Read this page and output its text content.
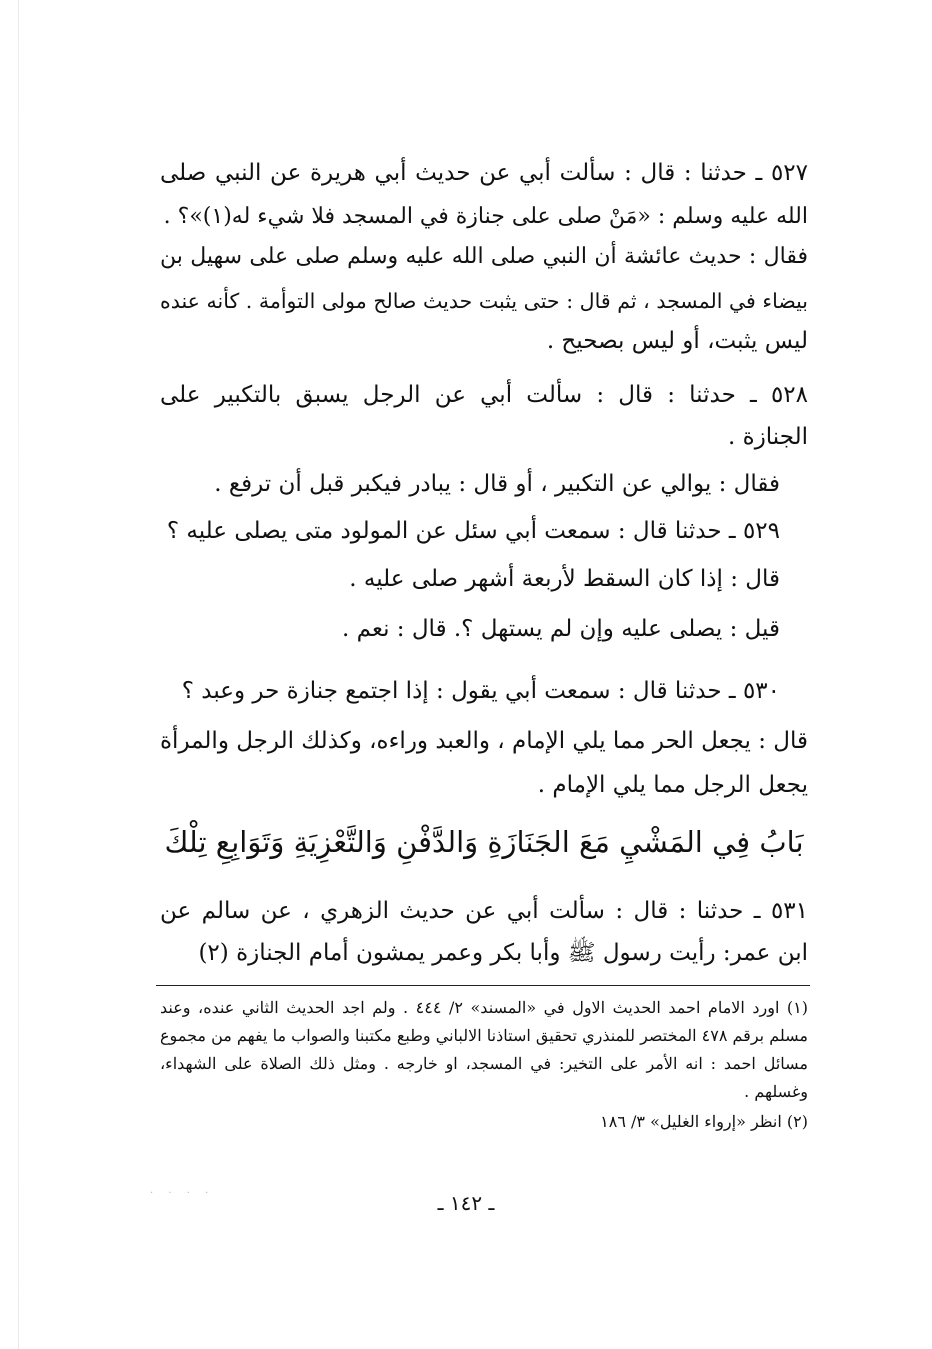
٥٢٧ ـ حدثنا : قال : سألت أبي عن حديث أبي هريرة عن النبي صلى
الله عليه وسلم : «مَنْ صلى على جنازة في المسجد فلا شيء له(١)»؟ .
فقال : حديث عائشة أن النبي صلى الله عليه وسلم صلى على سهيل بن
بيضاء في المسجد ، ثم قال : حتى يثبت حديث صالح مولى التوأمة . كأنه عنده
ليس يثبت، أو ليس بصحيح .
٥٢٨ ـ حدثنا : قال : سألت أبي عن الرجل يسبق بالتكبير على
الجنازة .
فقال : يوالي عن التكبير ، أو قال : يبادر فيكبر قبل أن ترفع .
٥٢٩ ـ حدثنا قال : سمعت أبي سئل عن المولود متى يصلى عليه ؟
قال : إذا كان السقط لأربعة أشهر صلى عليه .
قيل : يصلى عليه وإن لم يستهل ؟. قال : نعم .
٥٣٠ ـ حدثنا قال : سمعت أبي يقول : إذا اجتمع جنازة حر وعبد ؟
قال : يجعل الحر مما يلي الإمام ، والعبد وراءه، وكذلك الرجل والمرأة
يجعل الرجل مما يلي الإمام .
بَابُ فِي المَشْيِ مَعَ الجَنَازَةِ وَالدَّفْنِ وَالتَّعْزِيَةِ وَتَوَابِعِ تِلْكَ
٥٣١ ـ حدثنا : قال : سألت أبي عن حديث الزهري ، عن سالم عن
ابن عمر: رأيت رسول ﷺ وأبا بكر وعمر يمشون أمام الجنازة (٢)
(١) اورد الامام احمد الحديث الاول في «المسند» ٢/ ٤٤٤ . ولم اجد الحديث الثاني عنده، وعند
مسلم برقم ٤٧٨ المختصر للمنذري تحقيق استاذنا الالباني وطبع مكتبنا والصواب ما يفهم من مجموع
مسائل احمد : انه الأمر على التخير: في المسجد، او خارجه . ومثل ذلك الصلاة على الشهداء،
وغسلهم .
(٢) انظر «إرواء الغليل» ٣/ ١٨٦
· · · ·	ـ ١٤٢ ـ
